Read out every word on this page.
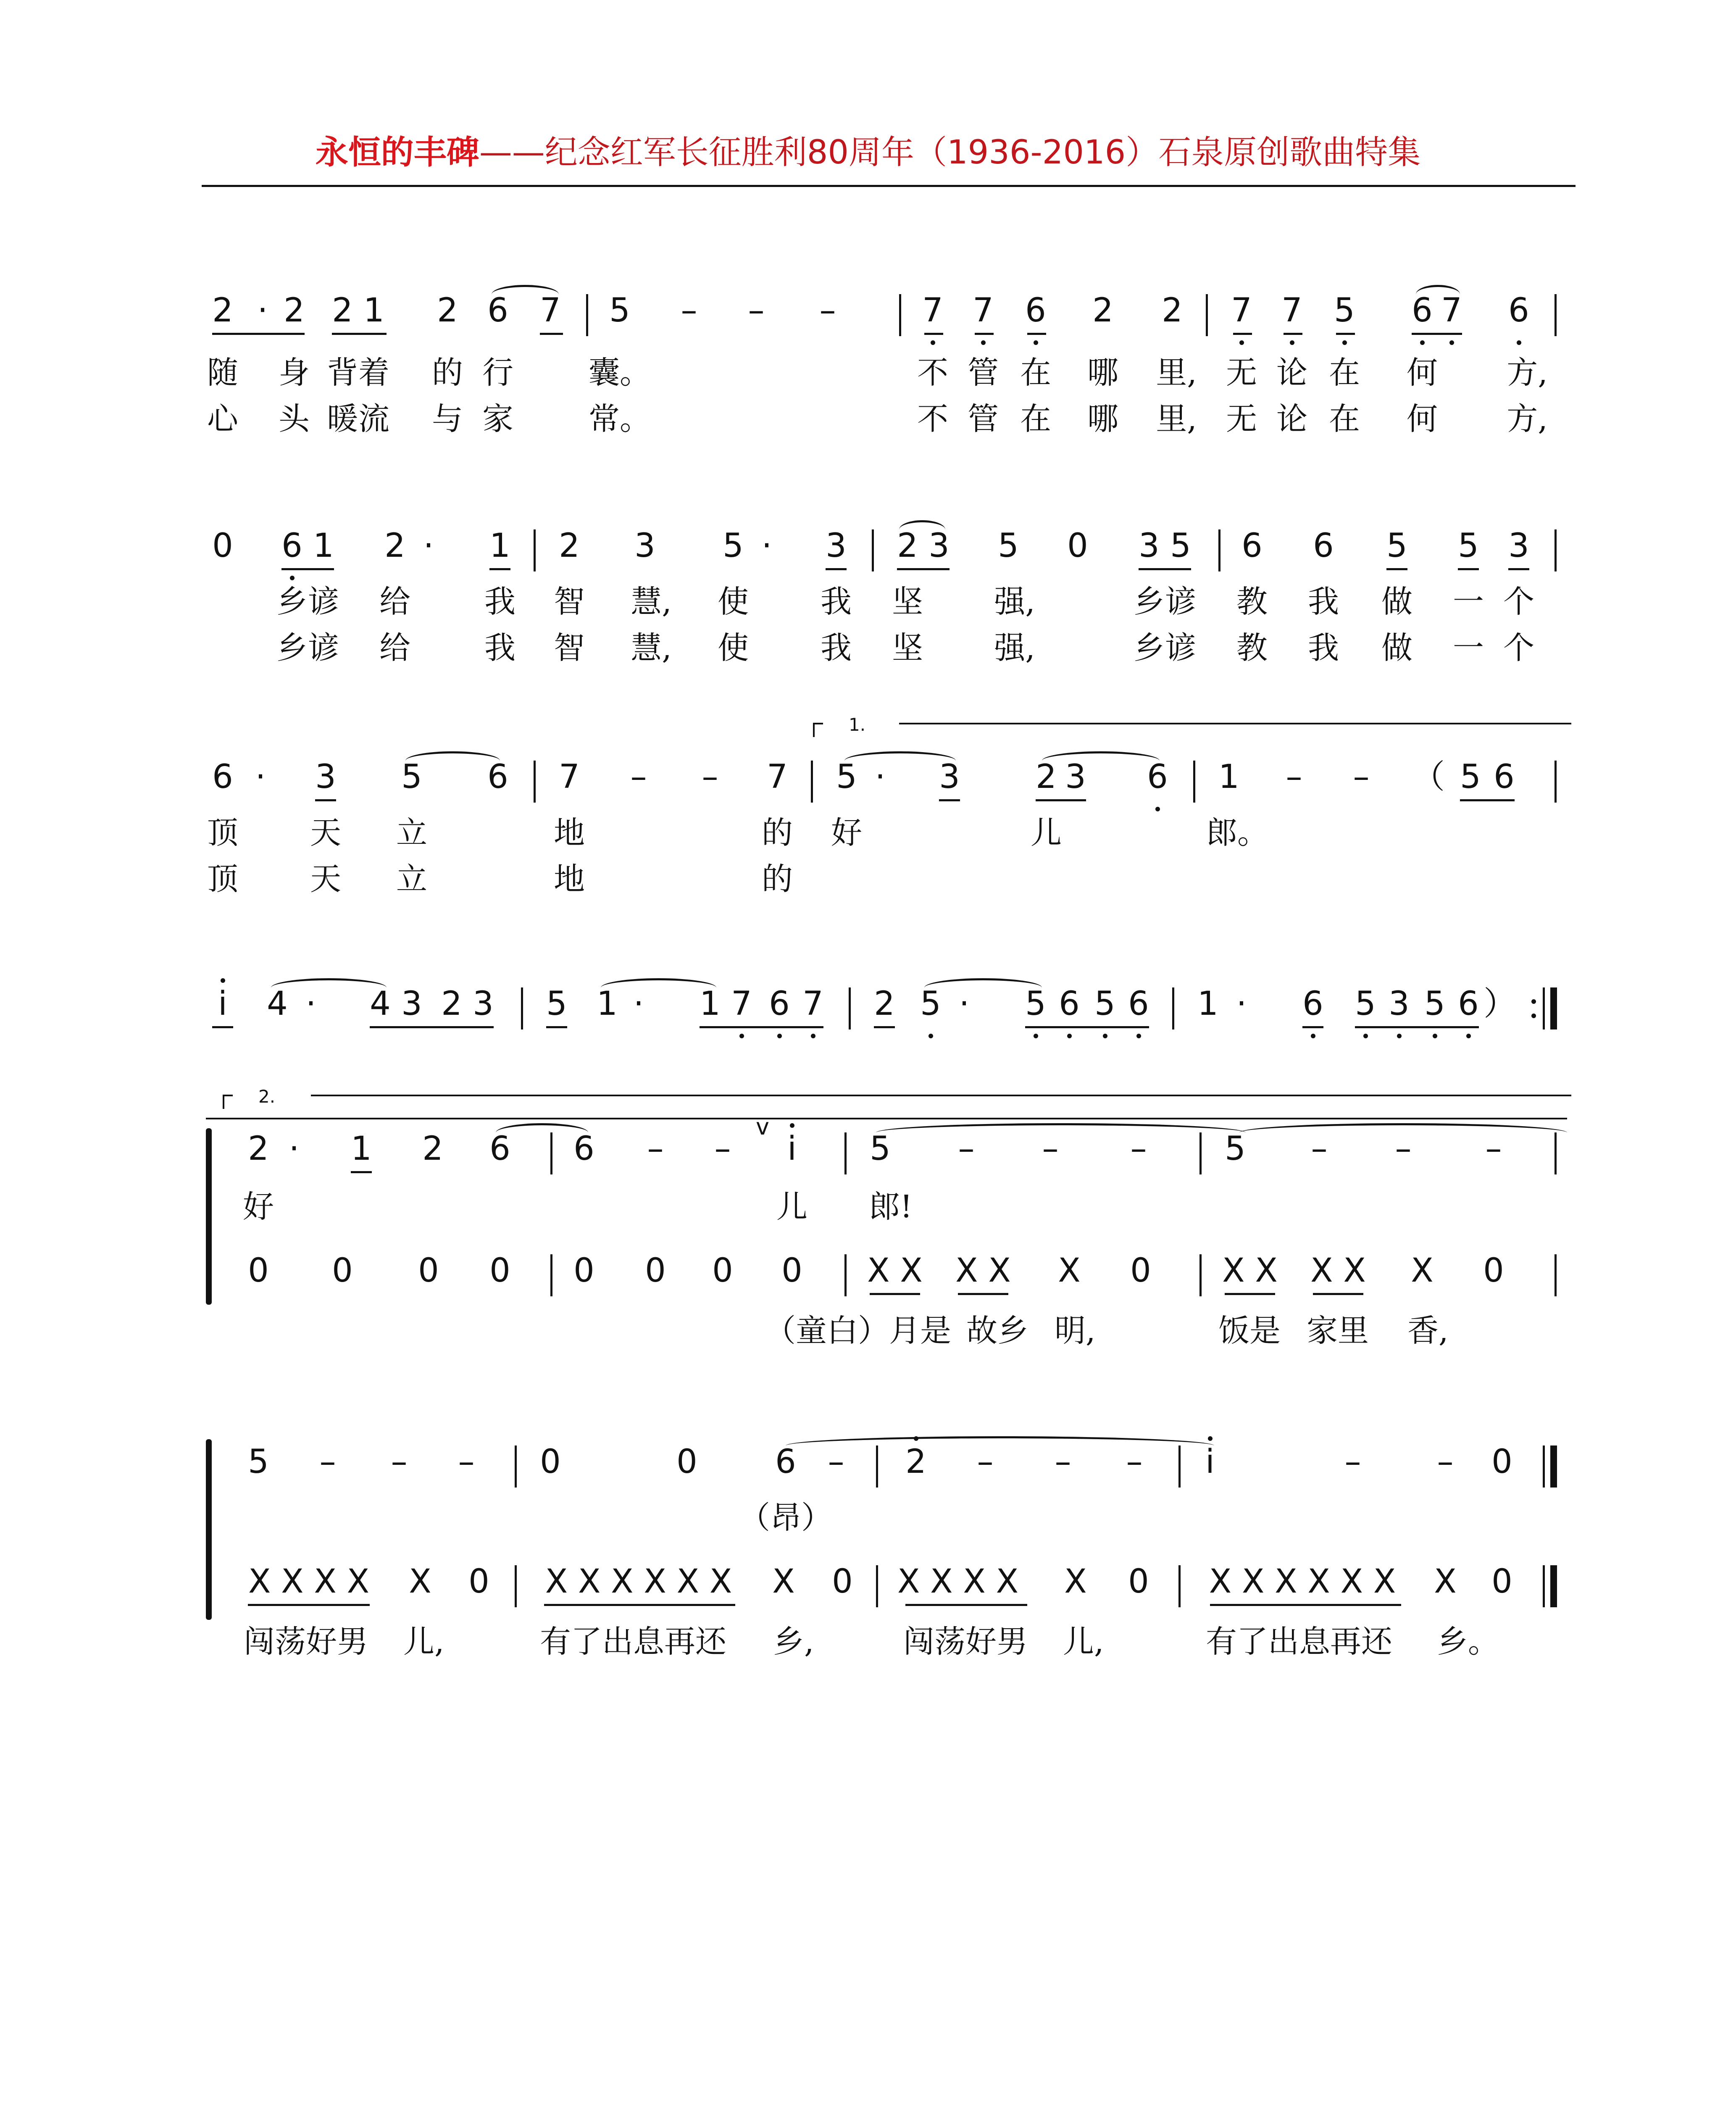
永恒的丰碑——纪念红军长征胜利80周年（1936-2016）石泉原创歌曲特集
2 · 2 2 1 2 6 7 5 – – –	7 7 6 2 2 7 7 5 6 7 6
随 身 背 着 的 行 囊。	不 管 在 哪 里, 无 论 在 何 方,
心 头 暖 流 与 家 常。	不 管 在 哪 里, 无 论 在 何 方,
0 6 1 2 · 1 2 3 5 · 3 2 3 5 0 3 5 6 6 5 5 3
乡 谚 给 我 智 慧, 使 我 坚 强,	乡 谚 教 我 做 一 个
乡 谚 给 我 智 慧, 使 我 坚 强,	乡 谚 教 我 做 一 个
1.
6 · 3 5 6 7 – – 7 5 · 3 2 3 6 1 – – （ 5 6
顶 天 立	地	的 好	儿	郎。
顶 天 立	地	的
i 4 · 4 3 2 3 5 1 · 1 7 6 7 2 5 · 5 6 5 6 1 · 6 5 3 5 6 ）
2.
2 · 1 2 6 6 – –
v
i 5 – – – 5 – – –
好	儿 郎!
0 0 0 0 0 0 0 0 X X X X X 0 X X X X X 0
（童白）月是 故乡 明,	饭是 家里 香,
5 – – – 0	0 6 – 2 – – – i	– – 0
（昂）
X X X X X 0 X X X X X X X 0 X X X X X 0 X X X X X X X 0
闯荡好男 儿,	有了出息再还 乡,	闯荡好男 儿,	有了出息再还 乡。
